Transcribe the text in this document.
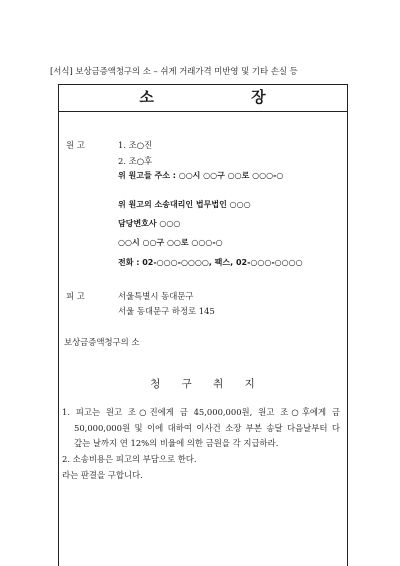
[서식] 보상금증액청구의 소 – 쉬게 거래가격 미반영 및 기타 손실 등
소 장
원 고	1. 조○진
2. 조○후
위 원고들 주소 : ○○시 ○○구 ○○로 ○○○-○
위 원고의 소송대리인 법무법인 ○○○
담당변호사 ○○○
○○시 ○○구 ○○로 ○○○-○
전화 : 02-○○○-○○○○, 팩스, 02-○○○-○○○○
피 고	서울특별시 동대문구
서울 동대문구 하정로 145
보상금증액청구의 소
청 구 취 지
1. 피고는 원고 조○진에게 금 45,000,000원, 원고 조○후에게 금
50,000,000원 및 이에 대하여 이사건 소장 부본 송달 다음날부터 다
갚는 날까지 연 12%의 비율에 의한 금원을 각 지급하라.
2. 소송비용은 피고의 부담으로 한다.
라는 판결을 구합니다.
